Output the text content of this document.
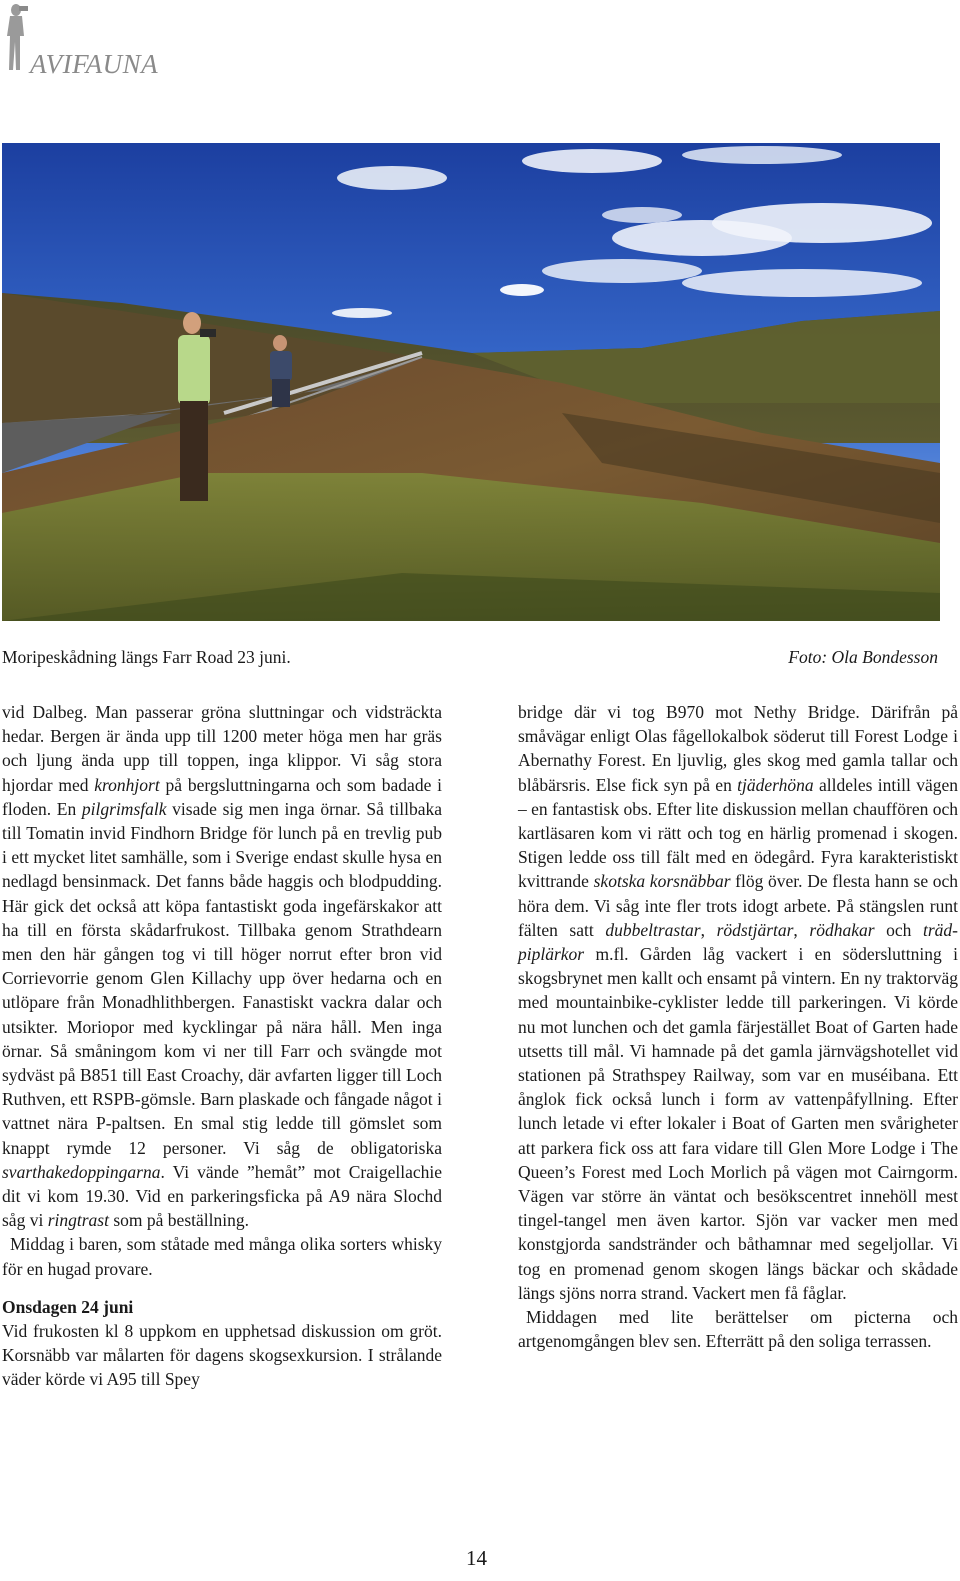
AVIFAUNA
Moripeskådning längs Farr Road 23 juni.	Foto: Ola Bondesson

vid Dalbeg. Man passerar gröna sluttningar och vidsträckta hedar. Bergen är ända upp till 1200 meter höga men har gräs och ljung ända upp till toppen, inga klippor. Vi såg stora hjordar med kronhjort på bergsluttningarna och som badade i floden. En pilgrimsfalk visade sig men inga örnar. Så tillbaka till Tomatin invid Findhorn Bridge för lunch på en trevlig pub i ett mycket litet samhälle, som i Sverige endast skulle hysa en nedlagd bensinmack. Det fanns både haggis och blodpudding. Här gick det också att köpa fantastiskt goda ingefärskakor att ha till en första skådarfrukost. Tillbaka genom Strathdearn men den här gången tog vi till höger norrut efter bron vid Corrievorrie genom Glen Killachy upp över hedarna och en utlöpare från Monadhlithbergen. Fanastiskt vackra dalar och utsikter. Moriopor med kycklingar på nära håll. Men inga örnar. Så småningom kom vi ner till Farr och svängde mot sydväst på B851 till East Croachy, där avfarten ligger till Loch Ruthven, ett RSPB-gömsle. Barn plaskade och fångade något i vattnet nära P-paltsen. En smal stig ledde till gömslet som knappt rymde 12 personer. Vi såg de obligatoriska svarthakedoppingarna. Vi vände ”hemåt” mot Craigellachie dit vi kom 19.30. Vid en parkeringsficka på A9 nära Slochd såg vi ringtrast som på beställning.

Middag i baren, som ståtade med många olika sorters whisky för en hugad provare.

Onsdagen 24 juni

Vid frukosten kl 8 uppkom en upphetsad diskussion om gröt. Korsnäbb var målarten för dagens skogsexkursion. I strålande väder körde vi A95 till Spey

bridge där vi tog B970 mot Nethy Bridge. Därifrån på småvägar enligt Olas fågellokalbok söderut till Forest Lodge i Abernathy Forest. En ljuvlig, gles skog med gamla tallar och blåbärsris. Else fick syn på en tjäderhöna alldeles intill vägen – en fantastisk obs. Efter lite diskussion mellan chauffören och kartläsaren kom vi rätt och tog en härlig promenad i skogen. Stigen ledde oss till fält med en ödegård. Fyra karakteristiskt kvittrande skotska korsnäbbar flög över. De flesta hann se och höra dem. Vi såg inte fler trots idogt arbete. På stängslen runt fälten satt dubbeltrastar, rödstjärtar, rödhakar och trädpiplärkor m.fl. Gården låg vackert i en södersluttning i skogsbrynet men kallt och ensamt på vintern. En ny traktorväg med mountainbike-cyklister ledde till parkeringen. Vi körde nu mot lunchen och det gamla färjestället Boat of Garten hade utsetts till mål. Vi hamnade på det gamla järnvägshotellet vid stationen på Strathspey Railway, som var en muséibana. Ett ånglok fick också lunch i form av vattenpåfyllning. Efter lunch letade vi efter lokaler i Boat of Garten men svårigheter att parkera fick oss att fara vidare till Glen More Lodge i The Queen’s Forest med Loch Morlich på vägen mot Cairngorm. Vägen var större än väntat och besökscentret innehöll mest tingel-tangel men även kartor. Sjön var vacker men med konstgjorda sandstränder och båthamnar med segeljollar. Vi tog en promenad genom skogen längs bäckar och skådade längs sjöns norra strand. Vackert men få fåglar.

Middagen med lite berättelser om picterna och artgenomgången blev sen. Efterrätt på den soliga terrassen.

14
